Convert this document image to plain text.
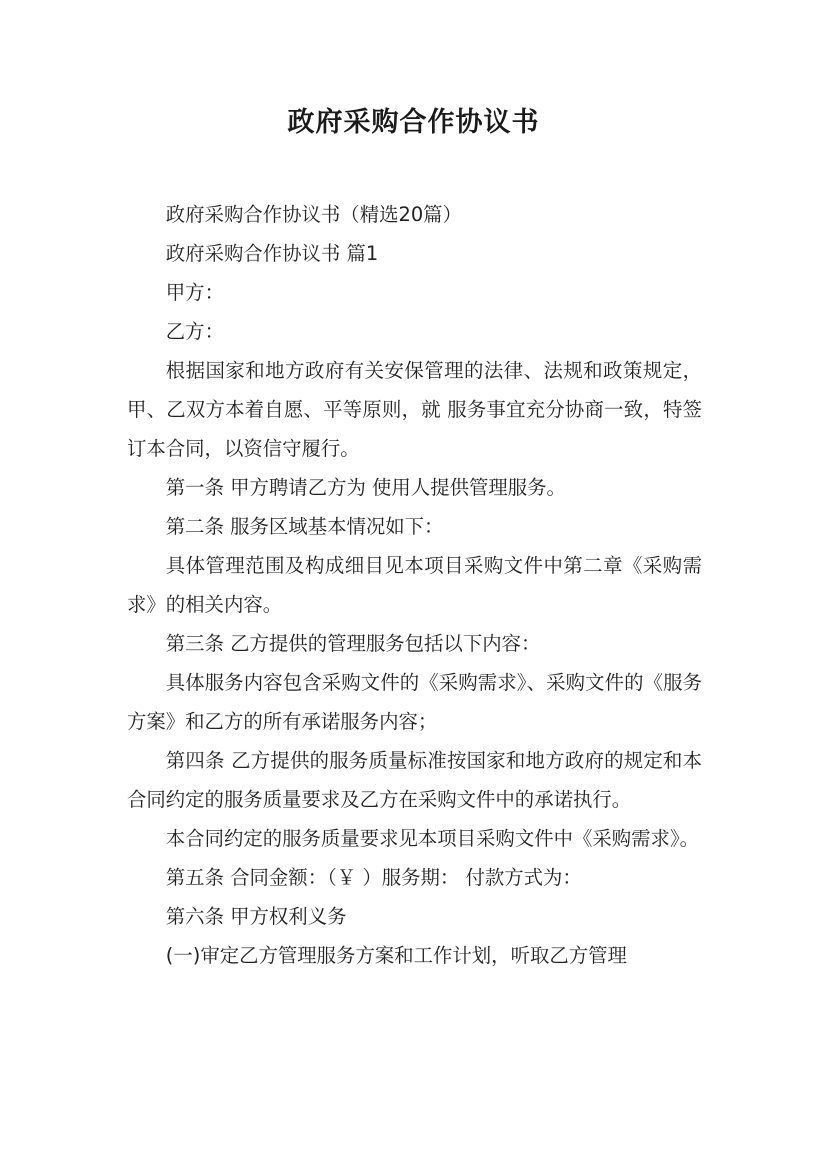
政府采购合作协议书

政府采购合作协议书（精选20篇）

政府采购合作协议书 篇1

甲方：

乙方：

根据国家和地方政府有关安保管理的法律、法规和政策规定，甲、乙双方本着自愿、平等原则，就 服务事宜充分协商一致，特签订本合同，以资信守履行。

第一条 甲方聘请乙方为 使用人提供管理服务。

第二条 服务区域基本情况如下：

具体管理范围及构成细目见本项目采购文件中第二章《采购需求》的相关内容。

第三条 乙方提供的管理服务包括以下内容：

具体服务内容包含采购文件的《采购需求》、采购文件的《服务方案》和乙方的所有承诺服务内容；

第四条 乙方提供的服务质量标准按国家和地方政府的规定和本合同约定的服务质量要求及乙方在采购文件中的承诺执行。

本合同约定的服务质量要求见本项目采购文件中《采购需求》。

第五条 合同金额：（￥ ）服务期： 付款方式为：

第六条 甲方权利义务

(一)审定乙方管理服务方案和工作计划，听取乙方管理
